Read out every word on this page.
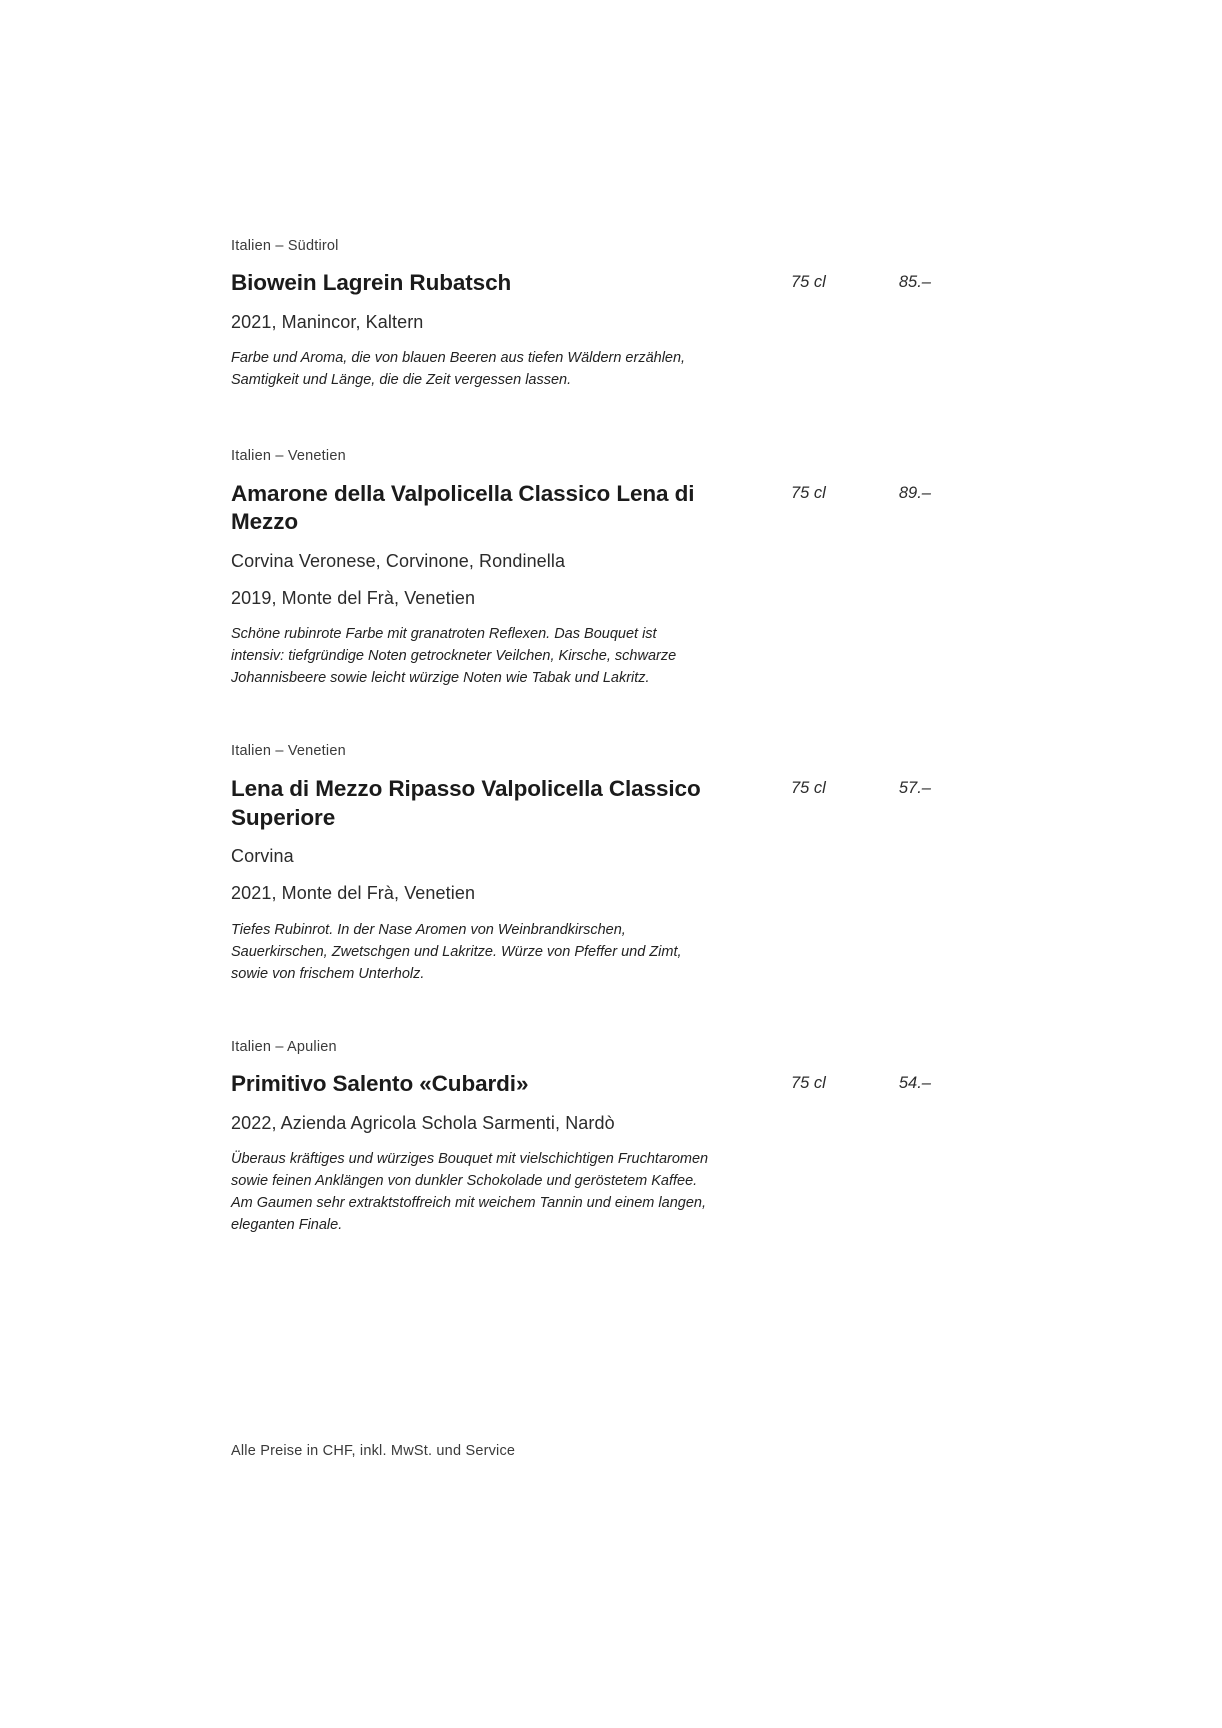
Italien – Südtirol
Biowein Lagrein Rubatsch	75 cl	85.–
2021, Manincor, Kaltern
Farbe und Aroma, die von blauen Beeren aus tiefen Wäldern erzählen, Samtigkeit und Länge, die die Zeit vergessen lassen.
Italien – Venetien
Amarone della Valpolicella Classico Lena di Mezzo
75 cl	89.–
Corvina Veronese, Corvinone, Rondinella
2019, Monte del Frà, Venetien
Schöne rubinrote Farbe mit granatroten Reflexen. Das Bouquet ist intensiv: tiefgründige Noten getrockneter Veilchen, Kirsche, schwarze Johannisbeere sowie leicht würzige Noten wie Tabak und Lakritz.
Italien – Venetien
Lena di Mezzo Ripasso Valpolicella Classico Superiore
75 cl	57.–
Corvina
2021, Monte del Frà, Venetien
Tiefes Rubinrot. In der Nase Aromen von Weinbrandkirschen, Sauerkirschen, Zwetschgen und Lakritze. Würze von Pfeffer und Zimt, sowie von frischem Unterholz.
Italien – Apulien
Primitivo Salento «Cubardi»	75 cl	54.–
2022, Azienda Agricola Schola Sarmenti, Nardò
Überaus kräftiges und würziges Bouquet mit vielschichtigen Fruchtaromen sowie feinen Anklängen von dunkler Schokolade und geröstetem Kaffee. Am Gaumen sehr extraktstoffreich mit weichem Tannin und einem langen, eleganten Finale.
Alle Preise in CHF, inkl. MwSt. und Service
